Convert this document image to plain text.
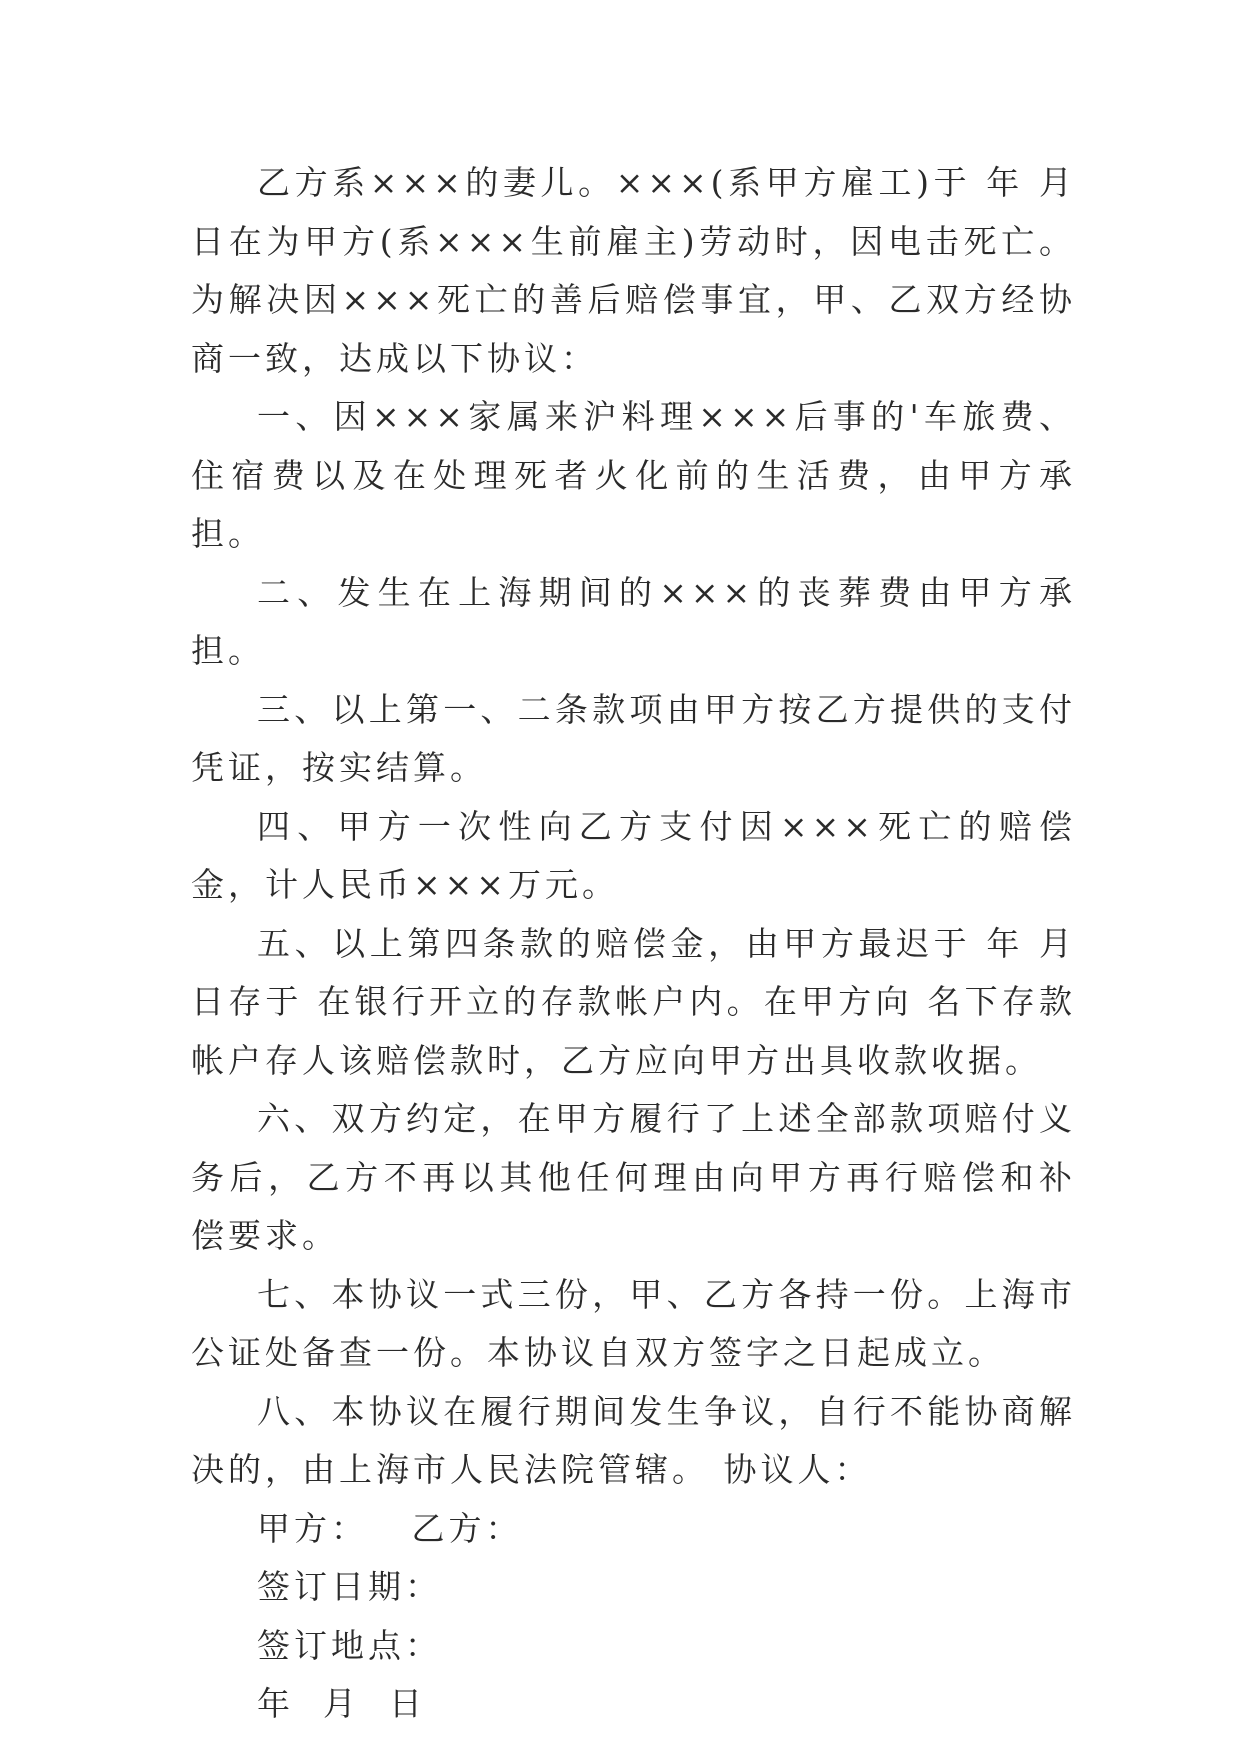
乙方系×××的妻儿。×××(系甲方雇工)于 年 月 日在为甲方(系×××生前雇主)劳动时，因电击死亡。为解决因×××死亡的善后赔偿事宜，甲、乙双方经协商一致，达成以下协议：

一、因×××家属来沪料理×××后事的'车旅费、住宿费以及在处理死者火化前的生活费，由甲方承担。

二、发生在上海期间的×××的丧葬费由甲方承担。

三、以上第一、二条款项由甲方按乙方提供的支付凭证，按实结算。

四、甲方一次性向乙方支付因×××死亡的赔偿金，计人民币×××万元。

五、以上第四条款的赔偿金，由甲方最迟于 年 月 日存于 在银行开立的存款帐户内。在甲方向 名下存款帐户存人该赔偿款时，乙方应向甲方出具收款收据。

六、双方约定，在甲方履行了上述全部款项赔付义务后，乙方不再以其他任何理由向甲方再行赔偿和补偿要求。

七、本协议一式三份，甲、乙方各持一份。上海市 公证处备查一份。本协议自双方签字之日起成立。

八、本协议在履行期间发生争议，自行不能协商解决的，由上海市人民法院管辖。 协议人：

甲方：   乙方：

签订日期：

签订地点：

年  月  日
